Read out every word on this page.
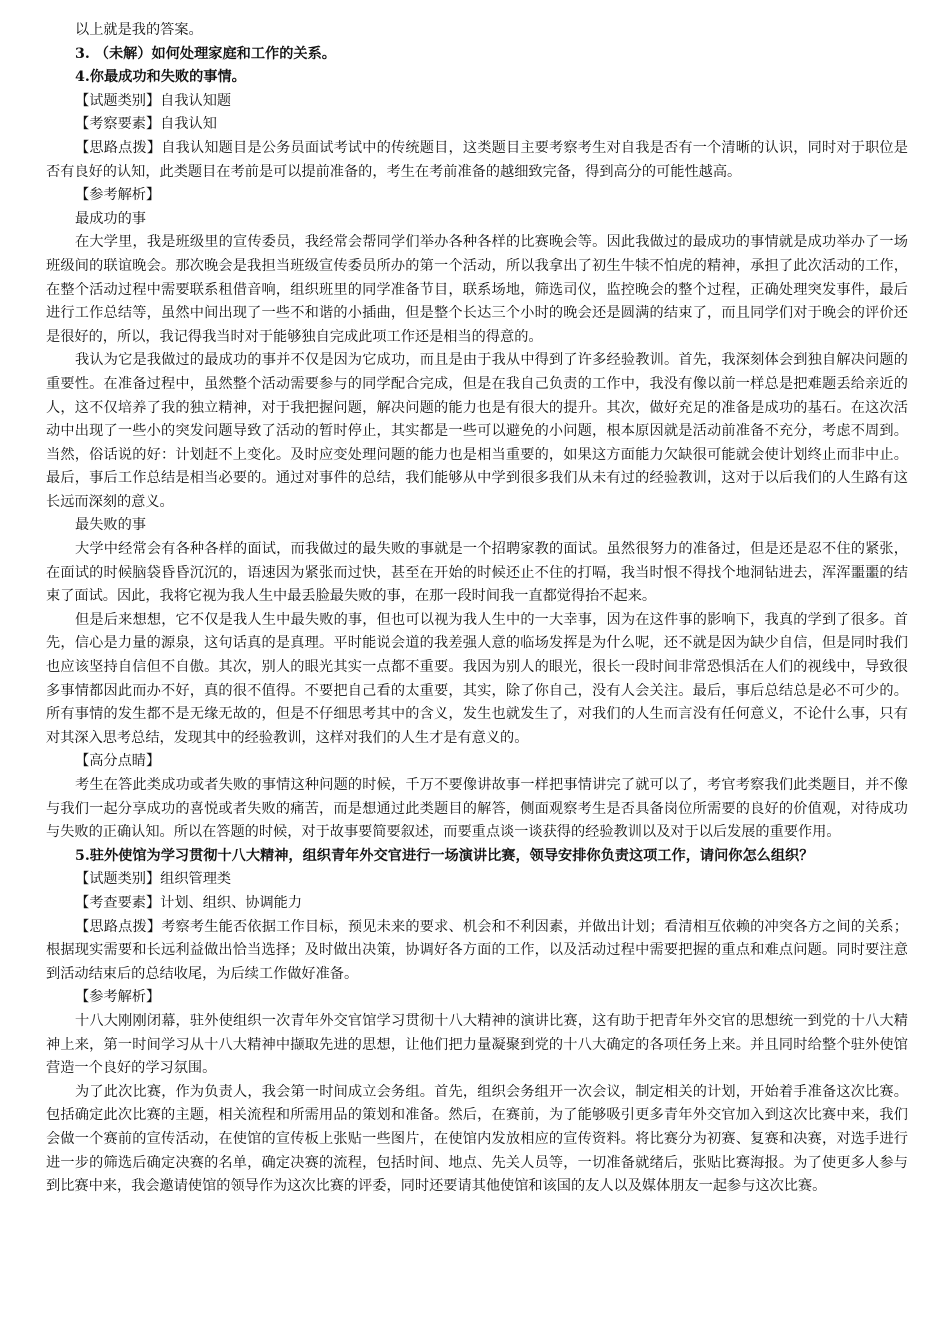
以上就是我的答案。

3. （未解）如何处理家庭和工作的关系。

4.你最成功和失败的事情。

【试题类别】自我认知题

【考察要素】自我认知

【思路点拨】自我认知题目是公务员面试考试中的传统题目，这类题目主要考察考生对自我是否有一个清晰的认识，同时对于职位是否有良好的认知，此类题目在考前是可以提前准备的，考生在考前准备的越细致完备，得到高分的可能性越高。

【参考解析】

最成功的事

在大学里，我是班级里的宣传委员，我经常会帮同学们举办各种各样的比赛晚会等。因此我做过的最成功的事情就是成功举办了一场班级间的联谊晚会。那次晚会是我担当班级宣传委员所办的第一个活动，所以我拿出了初生牛犊不怕虎的精神，承担了此次活动的工作，在整个活动过程中需要联系租借音响，组织班里的同学准备节目，联系场地，筛选司仪，监控晚会的整个过程，正确处理突发事件，最后进行工作总结等，虽然中间出现了一些不和谐的小插曲，但是整个长达三个小时的晚会还是圆满的结束了，而且同学们对于晚会的评价还是很好的，所以，我记得我当时对于能够独自完成此项工作还是相当的得意的。

我认为它是我做过的最成功的事并不仅是因为它成功，而且是由于我从中得到了许多经验教训。首先，我深刻体会到独自解决问题的重要性。在准备过程中，虽然整个活动需要参与的同学配合完成，但是在我自己负责的工作中，我没有像以前一样总是把难题丢给亲近的人，这不仅培养了我的独立精神，对于我把握问题，解决问题的能力也是有很大的提升。其次，做好充足的准备是成功的基石。在这次活动中出现了一些小的突发问题导致了活动的暂时停止，其实都是一些可以避免的小问题，根本原因就是活动前准备不充分，考虑不周到。当然，俗话说的好：计划赶不上变化。及时应变处理问题的能力也是相当重要的，如果这方面能力欠缺很可能就会使计划终止而非中止。最后，事后工作总结是相当必要的。通过对事件的总结，我们能够从中学到很多我们从未有过的经验教训，这对于以后我们的人生路有这长远而深刻的意义。

最失败的事

大学中经常会有各种各样的面试，而我做过的最失败的事就是一个招聘家教的面试。虽然很努力的准备过，但是还是忍不住的紧张，在面试的时候脑袋昏昏沉沉的，语速因为紧张而过快，甚至在开始的时候还止不住的打嗝，我当时恨不得找个地洞钻进去，浑浑噩噩的结束了面试。因此，我将它视为我人生中最丢脸最失败的事，在那一段时间我一直都觉得抬不起来。

但是后来想想，它不仅是我人生中最失败的事，但也可以视为我人生中的一大幸事，因为在这件事的影响下，我真的学到了很多。首先，信心是力量的源泉，这句话真的是真理。平时能说会道的我差强人意的临场发挥是为什么呢，还不就是因为缺少自信，但是同时我们也应该坚持自信但不自傲。其次，别人的眼光其实一点都不重要。我因为别人的眼光，很长一段时间非常恐惧活在人们的视线中，导致很多事情都因此而办不好，真的很不值得。不要把自己看的太重要，其实，除了你自己，没有人会关注。最后，事后总结总是必不可少的。所有事情的发生都不是无缘无故的，但是不仔细思考其中的含义，发生也就发生了，对我们的人生而言没有任何意义，不论什么事，只有对其深入思考总结，发现其中的经验教训，这样对我们的人生才是有意义的。

【高分点睛】

考生在答此类成功或者失败的事情这种问题的时候，千万不要像讲故事一样把事情讲完了就可以了，考官考察我们此类题目，并不像与我们一起分享成功的喜悦或者失败的痛苦，而是想通过此类题目的解答，侧面观察考生是否具备岗位所需要的良好的价值观，对待成功与失败的正确认知。所以在答题的时候，对于故事要简要叙述，而要重点谈一谈获得的经验教训以及对于以后发展的重要作用。

5.驻外使馆为学习贯彻十八大精神，组织青年外交官进行一场演讲比赛，领导安排你负责这项工作，请问你怎么组织？

【试题类别】组织管理类

【考查要素】计划、组织、协调能力

【思路点拨】考察考生能否依据工作目标，预见未来的要求、机会和不利因素，并做出计划；看清相互依赖的冲突各方之间的关系；根据现实需要和长远利益做出恰当选择；及时做出决策，协调好各方面的工作，以及活动过程中需要把握的重点和难点问题。同时要注意到活动结束后的总结收尾，为后续工作做好准备。

【参考解析】

十八大刚刚闭幕，驻外使组织一次青年外交官馆学习贯彻十八大精神的演讲比赛，这有助于把青年外交官的思想统一到党的十八大精神上来，第一时间学习从十八大精神中撷取先进的思想，让他们把力量凝聚到党的十八大确定的各项任务上来。并且同时给整个驻外使馆营造一个良好的学习氛围。

为了此次比赛，作为负责人，我会第一时间成立会务组。首先，组织会务组开一次会议，制定相关的计划，开始着手准备这次比赛。包括确定此次比赛的主题，相关流程和所需用品的策划和准备。然后，在赛前，为了能够吸引更多青年外交官加入到这次比赛中来，我们会做一个赛前的宣传活动，在使馆的宣传板上张贴一些图片，在使馆内发放相应的宣传资料。将比赛分为初赛、复赛和决赛，对选手进行进一步的筛选后确定决赛的名单，确定决赛的流程，包括时间、地点、先关人员等，一切准备就绪后，张贴比赛海报。为了使更多人参与到比赛中来，我会邀请使馆的领导作为这次比赛的评委，同时还要请其他使馆和该国的友人以及媒体朋友一起参与这次比赛。
